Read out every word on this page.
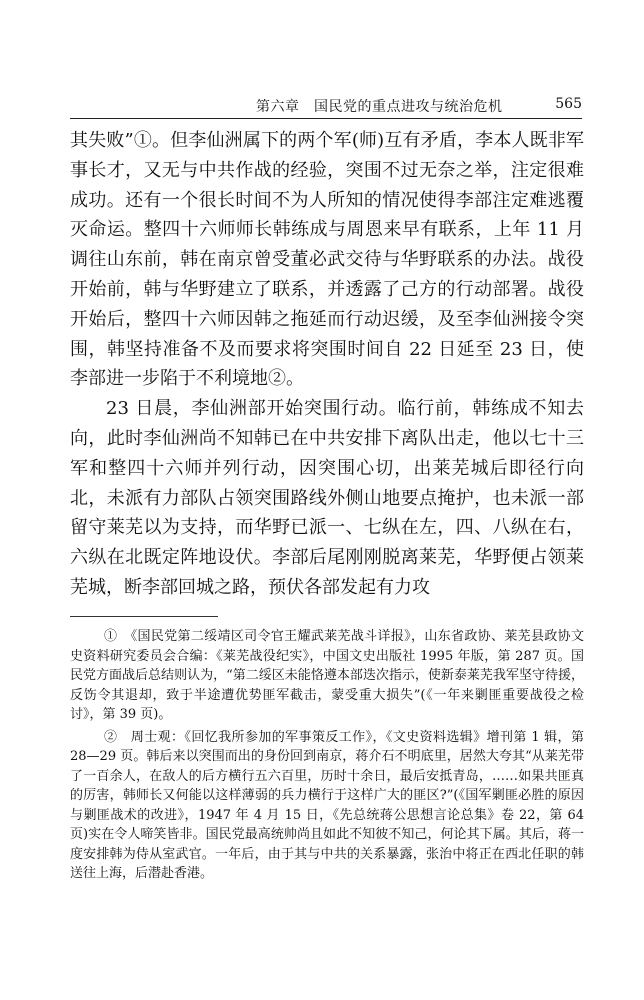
第六章　国民党的重点进攻与统治危机	565

其失败”①。但李仙洲属下的两个军(师)互有矛盾，李本人既非军事长才，又无与中共作战的经验，突围不过无奈之举，注定很难成功。还有一个很长时间不为人所知的情况使得李部注定难逃覆灭命运。整四十六师师长韩练成与周恩来早有联系，上年 11 月调往山东前，韩在南京曾受董必武交待与华野联系的办法。战役开始前，韩与华野建立了联系，并透露了己方的行动部署。战役开始后，整四十六师因韩之拖延而行动迟缓，及至李仙洲接令突围，韩坚持准备不及而要求将突围时间自 22 日延至 23 日，使李部进一步陷于不利境地②。

23 日晨，李仙洲部开始突围行动。临行前，韩练成不知去向，此时李仙洲尚不知韩已在中共安排下离队出走，他以七十三军和整四十六师并列行动，因突围心切，出莱芜城后即径行向北，未派有力部队占领突围路线外侧山地要点掩护，也未派一部留守莱芜以为支持，而华野已派一、七纵在左，四、八纵在右，六纵在北既定阵地设伏。李部后尾刚刚脱离莱芜，华野便占领莱芜城，断李部回城之路，预伏各部发起有力攻

①　 《国民党第二绥靖区司令官王耀武莱芜战斗详报》，山东省政协、莱芜县政协文史资料研究委员会合编：《莱芜战役纪实》，中国文史出版社 1995 年版，第 287 页。国民党方面战后总结则认为，“第二绥区未能恪遵本部迭次指示，使新泰莱芜我军坚守待援，反饬令其退却，致于半途遭优势匪军截击，蒙受重大损失”(《一年来剿匪重要战役之检讨》，第 39 页)。

②　 周士观：《回忆我所参加的军事策反工作》，《文史资料选辑》增刊第 1 辑，第 28—29 页。韩后来以突围而出的身份回到南京，蒋介石不明底里，居然大夸其“从莱芜带了一百余人，在敌人的后方横行五六百里，历时十余日，最后安抵青岛，……如果共匪真的厉害，韩师长又何能以这样薄弱的兵力横行于这样广大的匪区?”(《国军剿匪必胜的原因与剿匪战术的改进》，1947 年 4 月 15 日，《先总统蒋公思想言论总集》卷 22，第 64 页)实在令人啼笑皆非。国民党最高统帅尚且如此不知彼不知己，何论其下属。其后，蒋一度安排韩为侍从室武官。一年后，由于其与中共的关系暴露，张治中将正在西北任职的韩送往上海，后潜赴香港。
